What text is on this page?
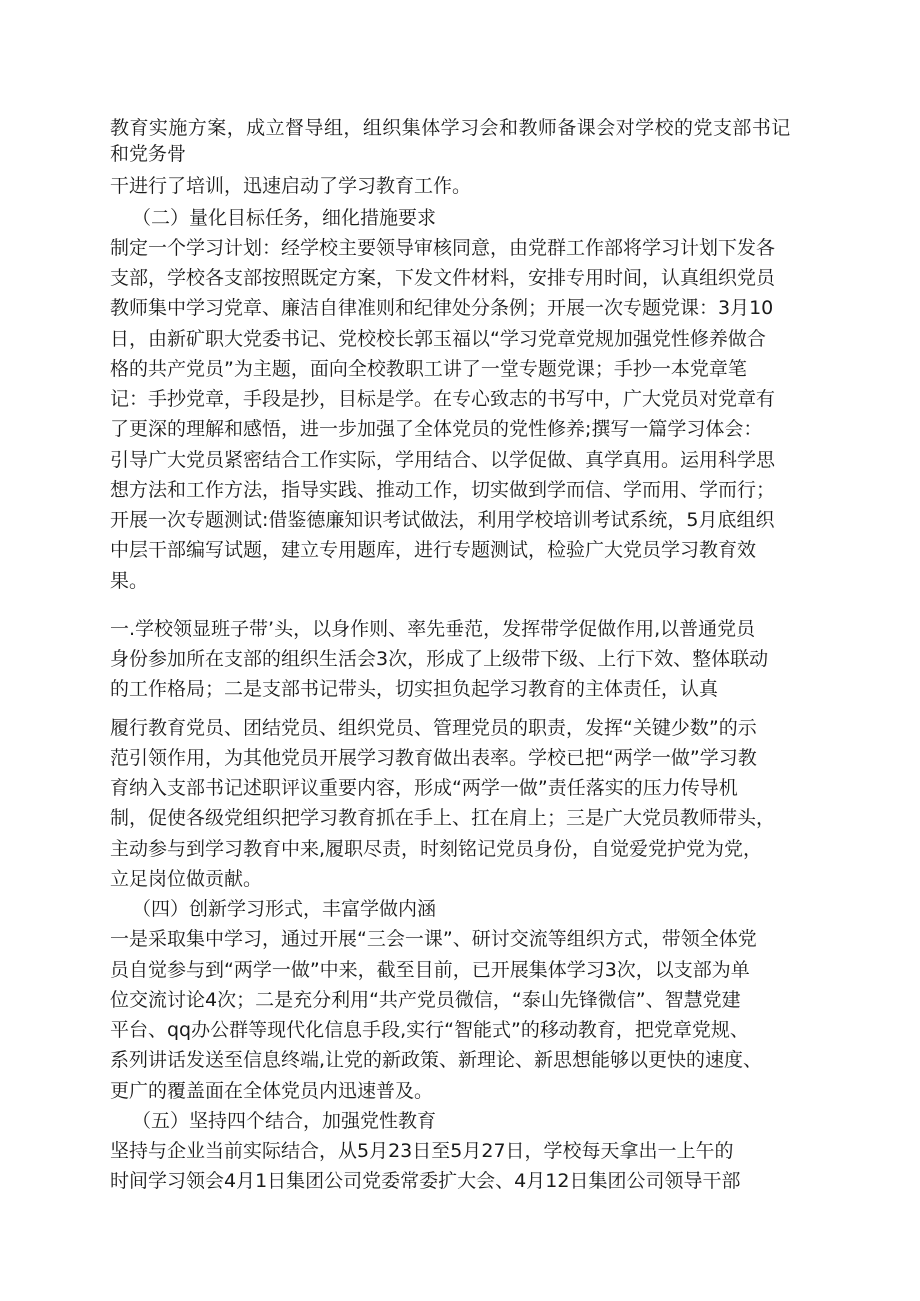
教育实施方案，成立督导组，组织集体学习会和教师备课会对学校的党支部书记
和党务骨
干进行了培训，迅速启动了学习教育工作。
（二）量化目标任务，细化措施要求
制定一个学习计划：经学校主要领导审核同意，由党群工作部将学习计划下发各
支部，学校各支部按照既定方案，下发文件材料，安排专用时间，认真组织党员
教师集中学习党章、廉洁自律准则和纪律处分条例；开展一次专题党课：3月10
日，由新矿职大党委书记、党校校长郭玉福以“学习党章党规加强党性修养做合
格的共产党员”为主题，面向全校教职工讲了一堂专题党课；手抄一本党章笔
记：手抄党章，手段是抄，目标是学。在专心致志的书写中，广大党员对党章有
了更深的理解和感悟，进一步加强了全体党员的党性修养;撰写一篇学习体会：
引导广大党员紧密结合工作实际，学用结合、以学促做、真学真用。运用科学思
想方法和工作方法，指导实践、推动工作，切实做到学而信、学而用、学而行；
开展一次专题测试:借鉴德廉知识考试做法，利用学校培训考试系统，5月底组织
中层干部编写试题，建立专用题库，进行专题测试，检验广大党员学习教育效
果。
一.学校领显班子带’头，以身作则、率先垂范，发挥带学促做作用,以普通党员
身份参加所在支部的组织生活会3次，形成了上级带下级、上行下效、整体联动
的工作格局；二是支部书记带头，切实担负起学习教育的主体责任，认真
履行教育党员、团结党员、组织党员、管理党员的职责，发挥“关键少数”的示
范引领作用，为其他党员开展学习教育做出表率。学校已把“两学一做”学习教
育纳入支部书记述职评议重要内容，形成“两学一做”责任落实的压力传导机
制，促使各级党组织把学习教育抓在手上、扛在肩上；三是广大党员教师带头，
主动参与到学习教育中来,履职尽责，时刻铭记党员身份，自觉爱党护党为党，
立足岗位做贡献。
（四）创新学习形式，丰富学做内涵
一是采取集中学习，通过开展“三会一课”、研讨交流等组织方式，带领全体党
员自觉参与到“两学一做”中来，截至目前，已开展集体学习3次，以支部为单
位交流讨论4次；二是充分利用“共产党员微信，“泰山先锋微信”、智慧党建
平台、qq办公群等现代化信息手段,实行“智能式”的移动教育，把党章党规、
系列讲话发送至信息终端,让党的新政策、新理论、新思想能够以更快的速度、
更广的覆盖面在全体党员内迅速普及。
（五）坚持四个结合，加强党性教育
坚持与企业当前实际结合，从5月23日至5月27日，学校每天拿出一上午的
时间学习领会4月1日集团公司党委常委扩大会、4月12日集团公司领导干部
